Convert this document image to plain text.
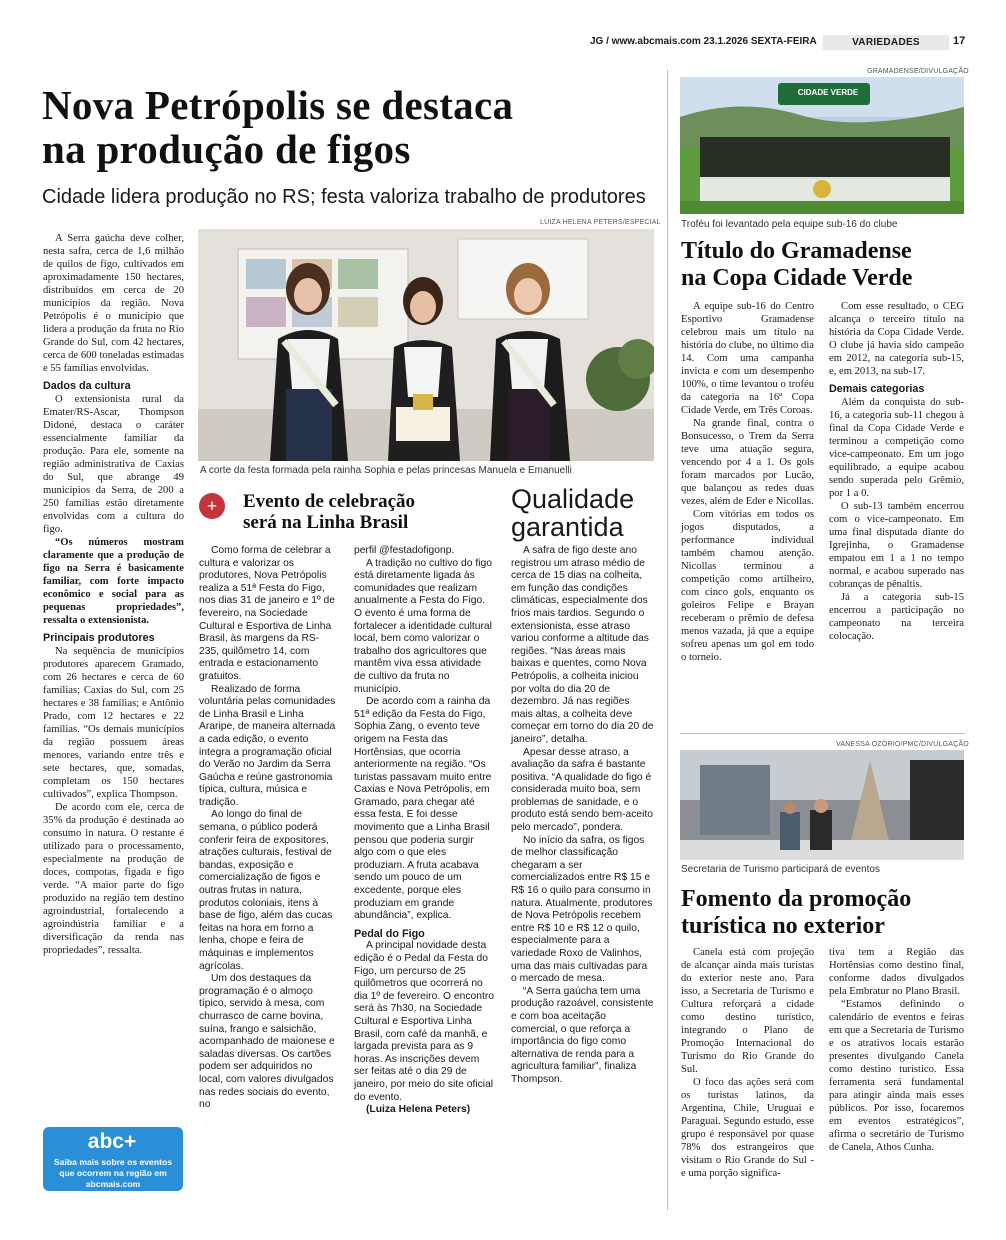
JG / www.abcmais.com 23.1.2026 SEXTA-FEIRA	VARIEDADES	17
Nova Petrópolis se destaca
na produção de figos
Cidade lidera produção no RS; festa valoriza trabalho de produtores
LUIZA HELENA PETERS/ESPECIAL
A corte da festa formada pela rainha Sophia e pelas princesas Manuela e Emanuelli

A Serra gaúcha deve colher, nesta safra, cerca de 1,6 milhão de quilos de figo, cultivados em aproximadamente 150 hectares, distribuídos em cerca de 20 municípios da região. Nova Petrópolis é o município que lidera a produção da fruta no Rio Grande do Sul, com 42 hectares, cerca de 600 toneladas estimadas e 55 famílias envolvidas.

Dados da cultura

O extensionista rural da Emater/RS-Ascar, Thompson Didoné, destaca o caráter essencialmente familiar da produção. Para ele, somente na região administrativa de Caxias do Sul, que abrange 49 municípios da Serra, de 200 a 250 famílias estão diretamente envolvidas com a cultura do figo.

“Os números mostram claramente que a produção de figo na Serra é basicamente familiar, com forte impacto econômico e social para as pequenas propriedades”, ressalta o extensionista.

Principais produtores

Na sequência de municípios produtores aparecem Gramado, com 26 hectares e cerca de 60 famílias; Caxias do Sul, com 25 hectares e 38 famílias; e Antônio Prado, com 12 hectares e 22 famílias. “Os demais municípios da região possuem áreas menores, variando entre três e sete hectares, que, somadas, completam os 150 hectares cultivados”, explica Thompson.

De acordo com ele, cerca de 35% da produção é destinada ao consumo in natura. O restante é utilizado para o processamento, especialmente na produção de doces, compotas, figada e figo verde. “A maior parte do figo produzido na região tem destino agroindustrial, fortalecendo a agroindústria familiar e a diversificação da renda nas propriedades”, ressalta.

abc+
Saiba mais sobre os eventos que ocorrem na região em abcmais.com
+	Evento de celebração
será na Linha Brasil

Como forma de celebrar a cultura e valorizar os produtores, Nova Petrópolis realiza a 51ª Festa do Figo, nos dias 31 de janeiro e 1º de fevereiro, na Sociedade Cultural e Esportiva de Linha Brasil, às margens da RS-235, quilômetro 14, com entrada e estacionamento gratuitos.

Realizado de forma voluntária pelas comunidades de Linha Brasil e Linha Araripe, de maneira alternada a cada edição, o evento integra a programação oficial do Verão no Jardim da Serra Gaúcha e reúne gastronomia típica, cultura, música e tradição.

Ao longo do final de semana, o público poderá conferir feira de expositores, atrações culturais, festival de bandas, exposição e comercialização de figos e outras frutas in natura, produtos coloniais, itens à base de figo, além das cucas feitas na hora em forno a lenha, chope e feira de máquinas e implementos agrícolas.

Um dos destaques da programação é o almoço típico, servido à mesa, com churrasco de carne bovina, suína, frango e salsichão, acompanhado de maionese e saladas diversas. Os cartões podem ser adquiridos no local, com valores divulgados nas redes sociais do evento, no

perfil @festadofigonp.

A tradição no cultivo do figo está diretamente ligada às comunidades que realizam anualmente a Festa do Figo. O evento é uma forma de fortalecer a identidade cultural local, bem como valorizar o trabalho dos agricultores que mantêm viva essa atividade de cultivo da fruta no município.

De acordo com a rainha da 51ª edição da Festa do Figo, Sophia Zang, o evento teve origem na Festa das Hortênsias, que ocorria anteriormente na região. “Os turistas passavam muito entre Caxias e Nova Petrópolis, em Gramado, para chegar até essa festa. E foi desse movimento que a Linha Brasil pensou que poderia surgir algo com o que eles produziam. A fruta acabava sendo um pouco de um excedente, porque eles produziam em grande abundância”, explica.

Pedal do Figo

A principal novidade desta edição é o Pedal da Festa do Figo, um percurso de 25 quilômetros que ocorrerá no dia 1º de fevereiro. O encontro será às 7h30, na Sociedade Cultural e Esportiva Linha Brasil, com café da manhã, e largada prevista para as 9 horas. As inscrições devem ser feitas até o dia 29 de janeiro, por meio do site oficial do evento.

(Luiza Helena Peters)

Qualidade
garantida

A safra de figo deste ano registrou um atraso médio de cerca de 15 dias na colheita, em função das condições climáticas, especialmente dos frios mais tardios. Segundo o extensionista, esse atraso variou conforme a altitude das regiões. “Nas áreas mais baixas e quentes, como Nova Petrópolis, a colheita iniciou por volta do dia 20 de dezembro. Já nas regiões mais altas, a colheita deve começar em torno do dia 20 de janeiro”, detalha.

Apesar desse atraso, a avaliação da safra é bastante positiva. “A qualidade do figo é considerada muito boa, sem problemas de sanidade, e o produto está sendo bem-aceito pelo mercado”, pondera.

No início da safra, os figos de melhor classificação chegaram a ser comercializados entre R$ 15 e R$ 16 o quilo para consumo in natura. Atualmente, produtores de Nova Petrópolis recebem entre R$ 10 e R$ 12 o quilo, especialmente para a variedade Roxo de Valinhos, uma das mais cultivadas para o mercado de mesa.

“A Serra gaúcha tem uma produção razoável, consistente e com boa aceitação comercial, o que reforça a importância do figo como alternativa de renda para a agricultura familiar”, finaliza Thompson.

GRAMADENSE/DIVULGAÇÃO
CIDADE VERDE
Troféu foi levantado pela equipe sub-16 do clube
Título do Gramadense
na Copa Cidade Verde

A equipe sub-16 do Centro Esportivo Gramadense celebrou mais um título na história do clube, no último dia 14. Com uma campanha invicta e com um desempenho 100%, o time levantou o troféu da categoria na 16ª Copa Cidade Verde, em Três Coroas.

Na grande final, contra o Bonsucesso, o Trem da Serra teve uma atuação segura, vencendo por 4 a 1. Os gols foram marcados por Lucão, que balançou as redes duas vezes, além de Eder e Nicollas.

Com vitórias em todos os jogos disputados, a performance individual também chamou atenção. Nicollas terminou a competição como artilheiro, com cinco gols, enquanto os goleiros Felipe e Brayan receberam o prêmio de defesa menos vazada, já que a equipe sofreu apenas um gol em todo o torneio.

Com esse resultado, o CEG alcança o terceiro título na história da Copa Cidade Verde. O clube já havia sido campeão em 2012, na categoria sub-15, e, em 2013, na sub-17.

Demais categorias

Além da conquista do sub-16, a categoria sub-11 chegou à final da Copa Cidade Verde e terminou a competição como vice-campeonato. Em um jogo equilibrado, a equipe acabou sendo superada pelo Grêmio, por 1 a 0.

O sub-13 também encerrou com o vice-campeonato. Em uma final disputada diante do Igrejinha, o Gramadense empatou em 1 a 1 no tempo normal, e acabou superado nas cobranças de pênaltis.

Já a categoria sub-15 encerrou a participação no campeonato na terceira colocação.

VANESSA OZÓRIO/PMC/DIVULGAÇÃO
Secretaria de Turismo participará de eventos
Fomento da promoção
turística no exterior

Canela está com projeção de alcançar ainda mais turistas do exterior neste ano. Para isso, a Secretaria de Turismo e Cultura reforçará a cidade como destino turístico, integrando o Plano de Promoção Internacional do Turismo do Rio Grande do Sul.

O foco das ações será com os turistas latinos, da Argentina, Chile, Uruguai e Paraguai. Segundo estudo, esse grupo é responsável por quase 78% dos estrangeiros que visitam o Rio Grande do Sul - e uma porção significa-

tiva tem a Região das Hortênsias como destino final, conforme dados divulgados pela Embratur no Plano Brasil.

“Estamos definindo o calendário de eventos e feiras em que a Secretaria de Turismo e os atrativos locais estarão presentes divulgando Canela como destino turístico. Essa ferramenta será fundamental para atingir ainda mais esses públicos. Por isso, focaremos em eventos estratégicos”, afirma o secretário de Turismo de Canela, Athos Cunha.
